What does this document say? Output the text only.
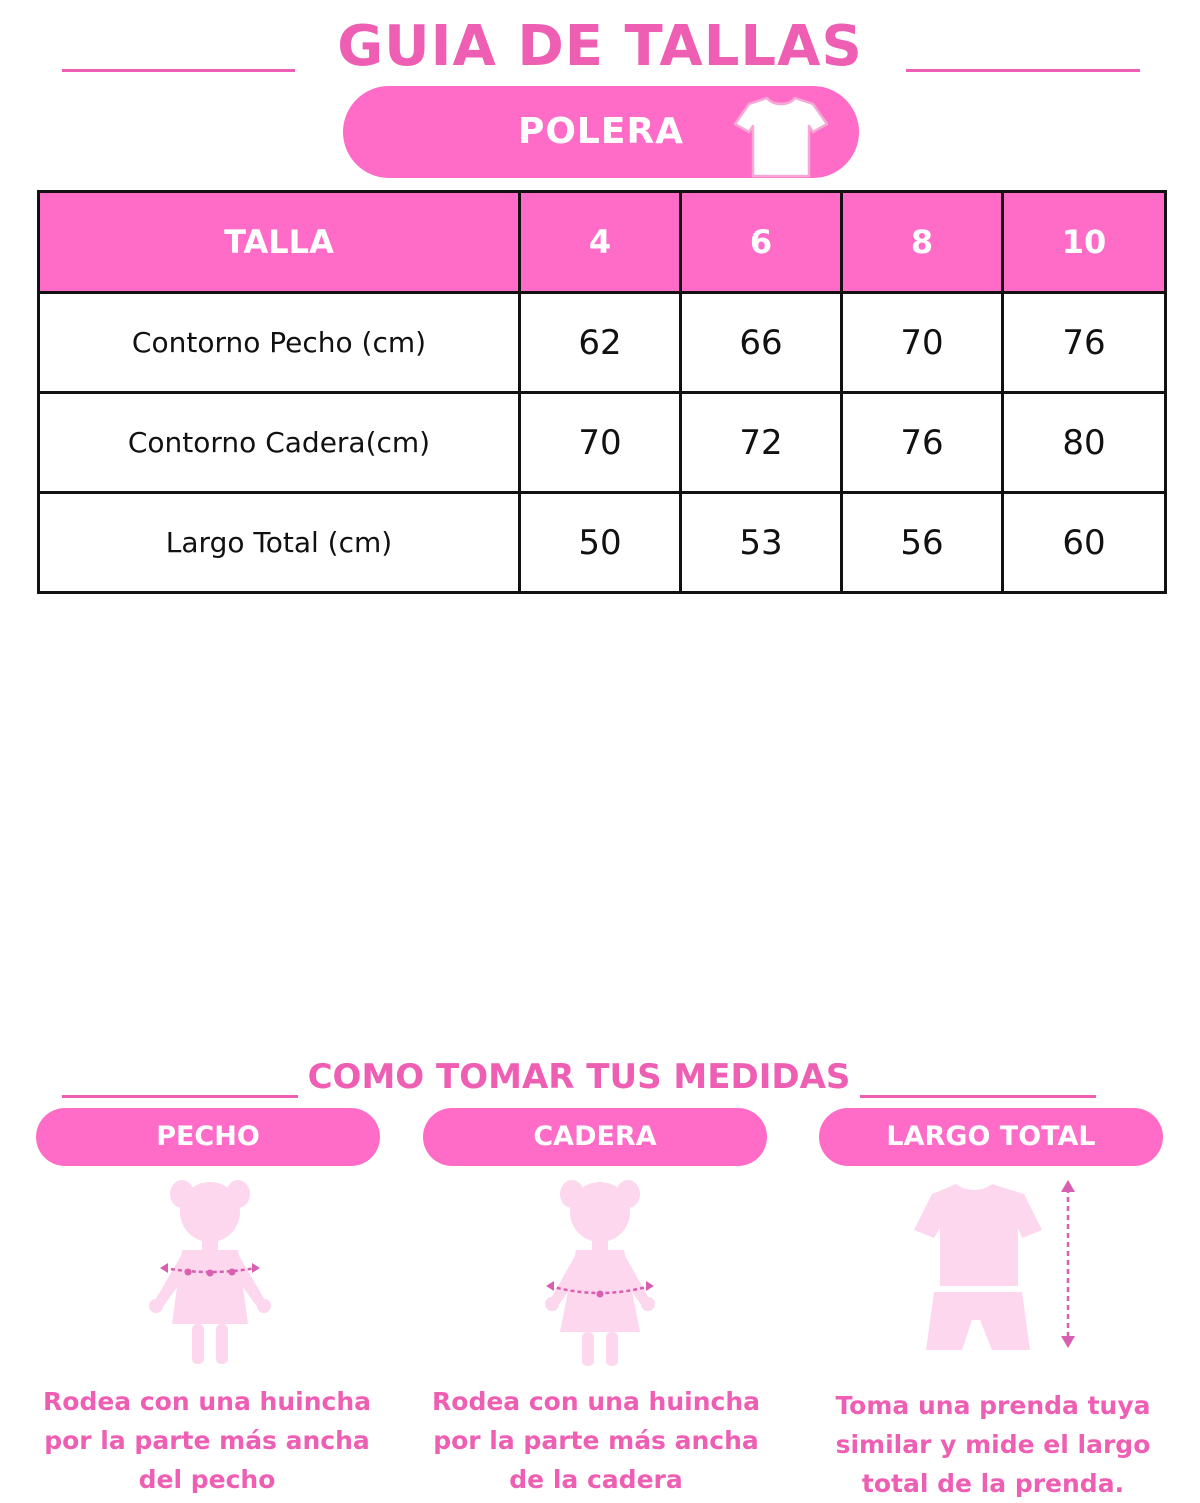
GUIA DE TALLAS
POLERA
TALLA	4	6	8	10
Contorno Pecho (cm)	62	66	70	76
Contorno Cadera(cm)	70	72	76	80
Largo Total (cm)	50	53	56	60
COMO TOMAR TUS MEDIDAS
PECHO	CADERA	LARGO TOTAL
Rodea con una huincha
por la parte más ancha
del pecho
Rodea con una huincha
por la parte más ancha
de la cadera
Toma una prenda tuya
similar y mide el largo
total de la prenda.
